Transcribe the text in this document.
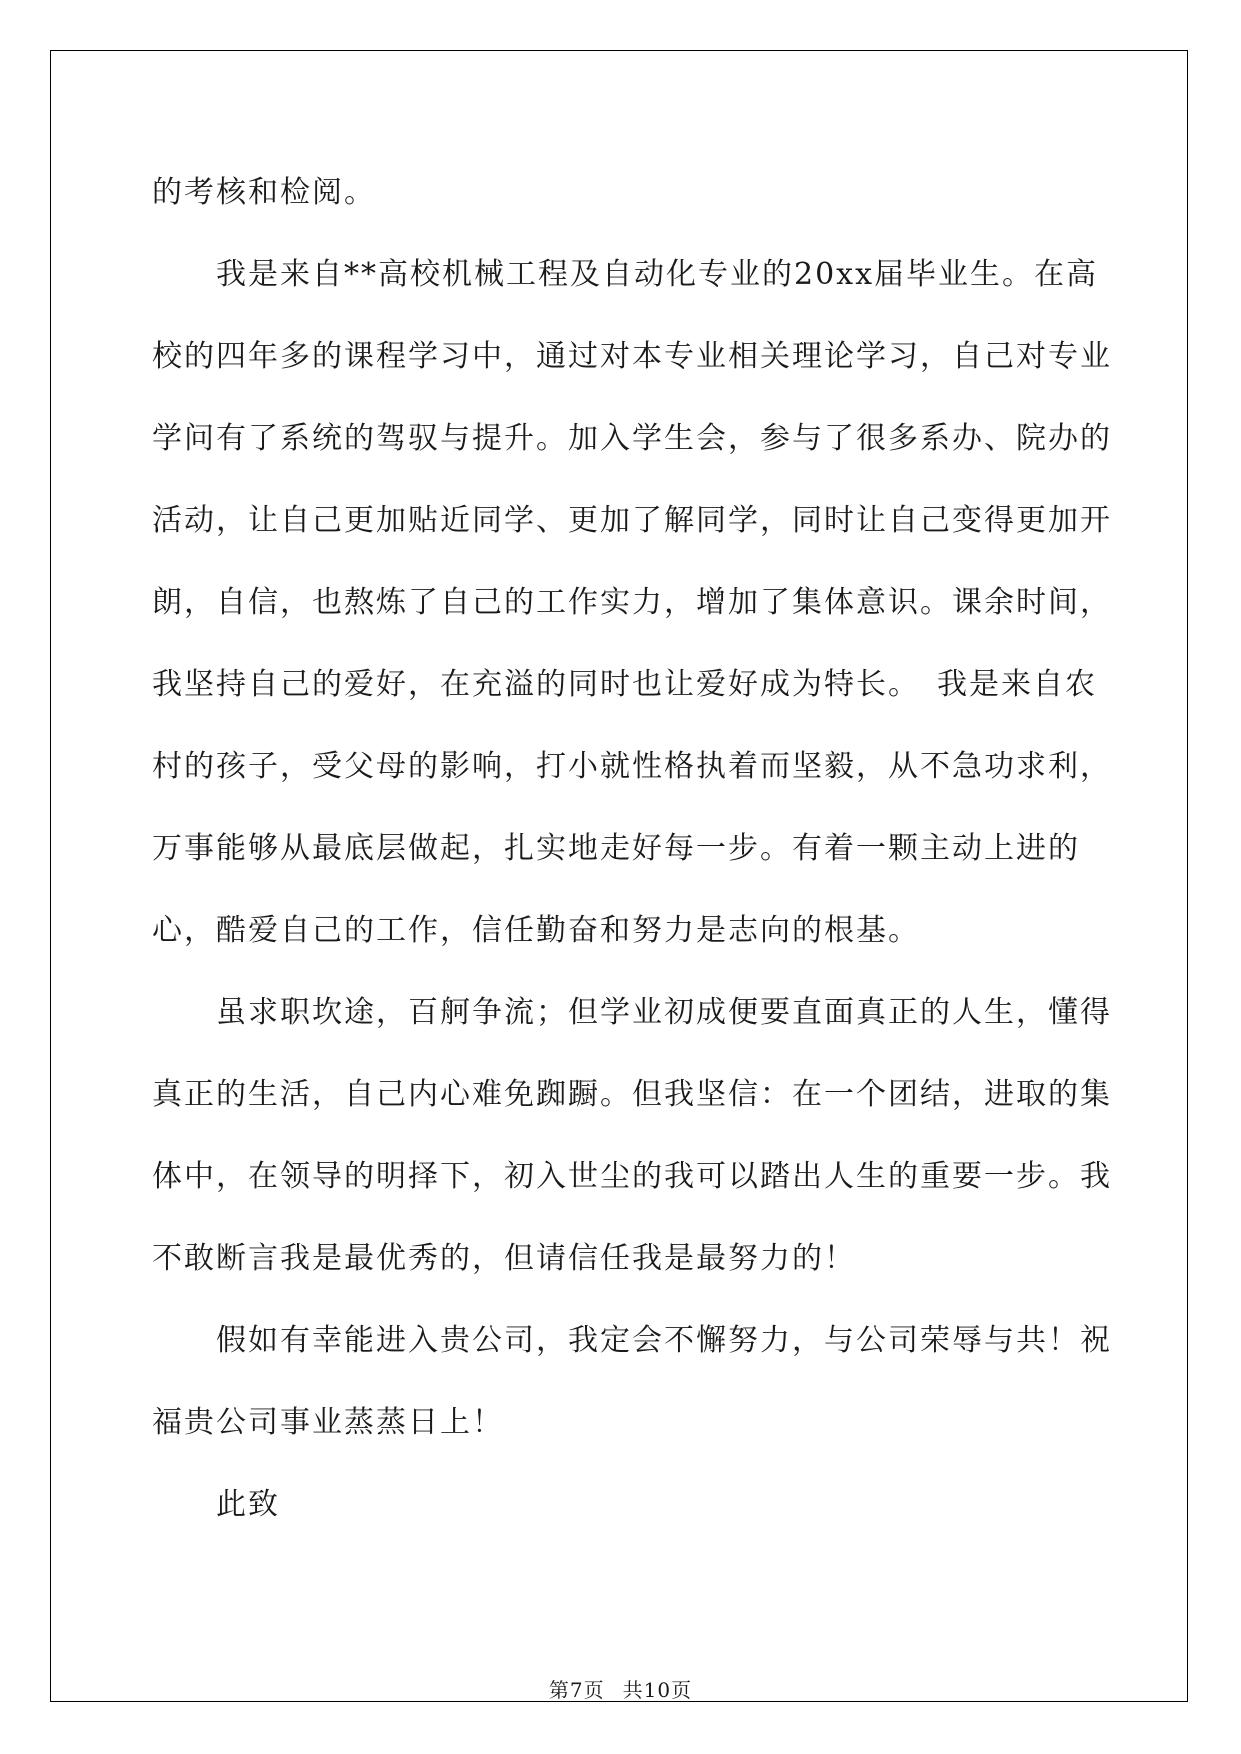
的考核和检阅。

我是来自**高校机械工程及自动化专业的20xx届毕业生。在高校的四年多的课程学习中，通过对本专业相关理论学习，自己对专业学问有了系统的驾驭与提升。加入学生会，参与了很多系办、院办的活动，让自己更加贴近同学、更加了解同学，同时让自己变得更加开朗，自信，也熬炼了自己的工作实力，增加了集体意识。课余时间，我坚持自己的爱好，在充溢的同时也让爱好成为特长。　我是来自农村的孩子，受父母的影响，打小就性格执着而坚毅，从不急功求利，万事能够从最底层做起，扎实地走好每一步。有着一颗主动上进的心，酷爱自己的工作，信任勤奋和努力是志向的根基。

虽求职坎途，百舸争流；但学业初成便要直面真正的人生，懂得真正的生活，自己内心难免踟蹰。但我坚信：在一个团结，进取的集体中，在领导的明择下，初入世尘的我可以踏出人生的重要一步。我不敢断言我是最优秀的，但请信任我是最努力的！

假如有幸能进入贵公司，我定会不懈努力，与公司荣辱与共！祝福贵公司事业蒸蒸日上！

此致

第7页 共10页
